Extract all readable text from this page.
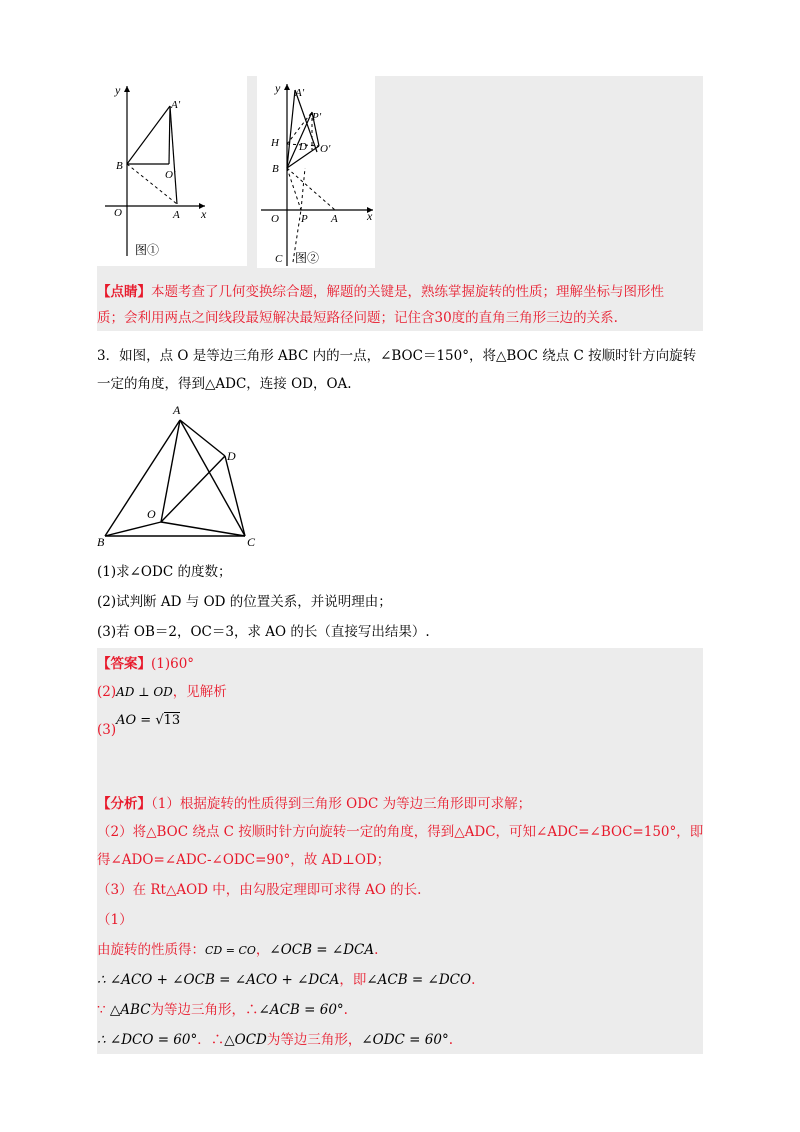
y
x
A′
B
O′
O	A
图①
y
x
A′
P′
H D O′
B
O P A
C 图②
【点睛】本题考查了几何变换综合题，解题的关键是，熟练掌握旋转的性质；理解坐标与图形性
质；会利用两点之间线段最短解决最短路径问题；记住含30度的直角三角形三边的关系.
3．如图，点 O 是等边三角形 ABC 内的一点，∠BOC＝150°，将△BOC 绕点 C 按顺时针方向旋转
一定的角度，得到△ADC，连接 OD，OA.
A
D
O
B	C
(1)求∠ODC 的度数；
(2)试判断 AD 与 OD 的位置关系，并说明理由；
(3)若 OB＝2，OC＝3，求 AO 的长（直接写出结果）.
【答案】(1)60°
(2)AD ⊥ OD，见解析
(3)AO = √13
【分析】（1）根据旋转的性质得到三角形 ODC 为等边三角形即可求解；
（2）将△BOC 绕点 C 按顺时针方向旋转一定的角度，得到△ADC，可知∠ADC=∠BOC=150°，即
得∠ADO=∠ADC-∠ODC=90°，故 AD⊥OD；
（3）在 Rt△AOD 中，由勾股定理即可求得 AO 的长.
（1）
由旋转的性质得：CD = CO，∠OCB = ∠DCA.
∴ ∠ACO + ∠OCB = ∠ACO + ∠DCA，即∠ACB = ∠DCO.
∵ △ABC为等边三角形，∴∠ACB = 60°.
∴ ∠DCO = 60°．∴△OCD为等边三角形，∠ODC = 60°.
